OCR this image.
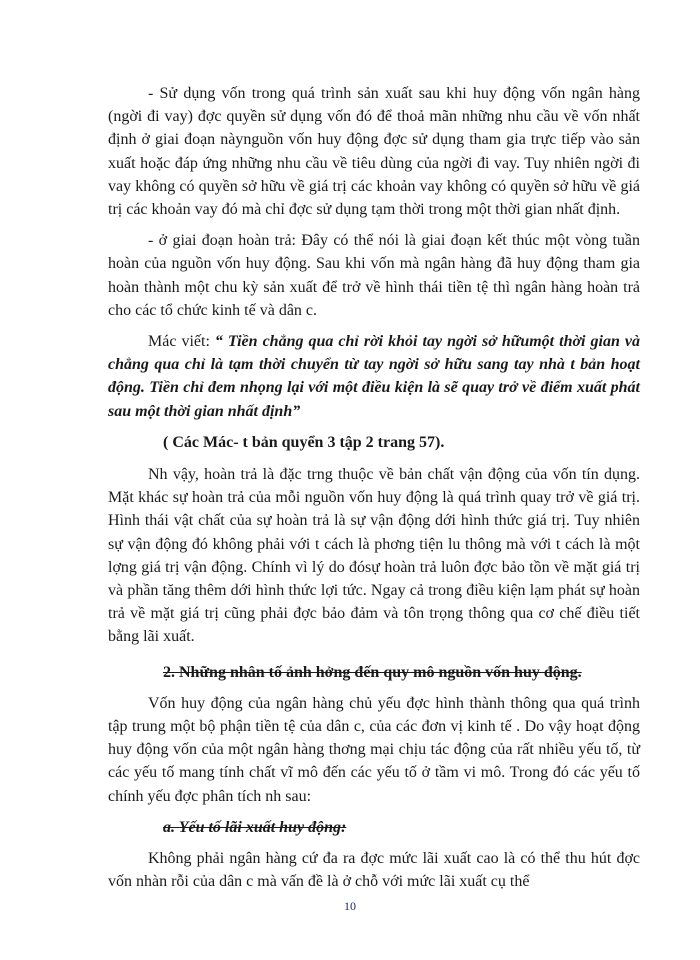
- Sử dụng vốn trong quá trình sản xuất sau khi huy động vốn ngân hàng (ngời đi vay) đợc quyền sử dụng vốn đó để thoả mãn những nhu cầu về vốn nhất định ở giai đoạn nàynguồn vốn huy động đợc sử dụng tham gia trực tiếp vào sản xuất hoặc đáp ứng những nhu cầu về tiêu dùng của ngời đi vay. Tuy nhiên ngời đi vay không có quyền sở hữu về giá trị các khoản vay không có quyền sở hữu về giá trị các khoản vay đó mà chỉ đợc sử dụng tạm thời trong một thời gian nhất định.

- ở giai đoạn hoàn trả: Đây có thể nói là giai đoạn kết thúc một vòng tuần hoàn của nguồn vốn huy động. Sau khi vốn mà ngân hàng đã huy động tham gia hoàn thành một chu kỳ sản xuất để trở về hình thái tiền tệ thì ngân hàng hoàn trả cho các tổ chức kinh tế và dân c.

Mác viết: “ Tiền chẳng qua chỉ rời khỏi tay ngời sở hữumột thời gian và chẳng qua chỉ là tạm thời chuyển từ tay ngời sở hữu sang tay nhà t bản hoạt động. Tiền chỉ đem nhọng lại với một điều kiện là sẽ quay trở về điểm xuất phát sau một thời gian nhất định”

( Các Mác- t bản quyển 3 tập 2 trang 57).

Nh vậy, hoàn trả là đặc trng thuộc về bản chất vận động của vốn tín dụng. Mặt khác sự hoàn trả của mỗi nguồn vốn huy động là quá trình quay trở về giá trị. Hình thái vật chất của sự hoàn trả là sự vận động dới hình thức giá trị. Tuy nhiên sự vận động đó không phải với t cách là phơng tiện lu thông mà với t cách là một lợng giá trị vận động. Chính vì lý do đósự hoàn trả luôn đợc bảo tồn về mặt giá trị và phần tăng thêm dới hình thức lợi tức. Ngay cả trong điều kiện lạm phát sự hoàn trả về mặt giá trị cũng phải đợc bảo đảm và tôn trọng thông qua cơ chế điều tiết bằng lãi xuất.

2. Những nhân tố ảnh hởng đến quy mô nguồn vốn huy động.

Vốn huy động của ngân hàng chủ yếu đợc hình thành thông qua quá trình tập trung một bộ phận tiền tệ của dân c, của các đơn vị kinh tế . Do vậy hoạt động huy động vốn của một ngân hàng thơng mại chịu tác động của rất nhiều yếu tố, từ các yếu tố mang tính chất vĩ mô đến các yếu tố ở tầm vi mô. Trong đó các yếu tố chính yếu đợc phân tích nh sau:

a. Yếu tố lãi xuất huy động:

Không phải ngân hàng cứ đa ra đợc mức lãi xuất cao là có thể thu hút đợc vốn nhàn rỗi của dân c mà vấn đề là ở chỗ với mức lãi xuất cụ thể

10
